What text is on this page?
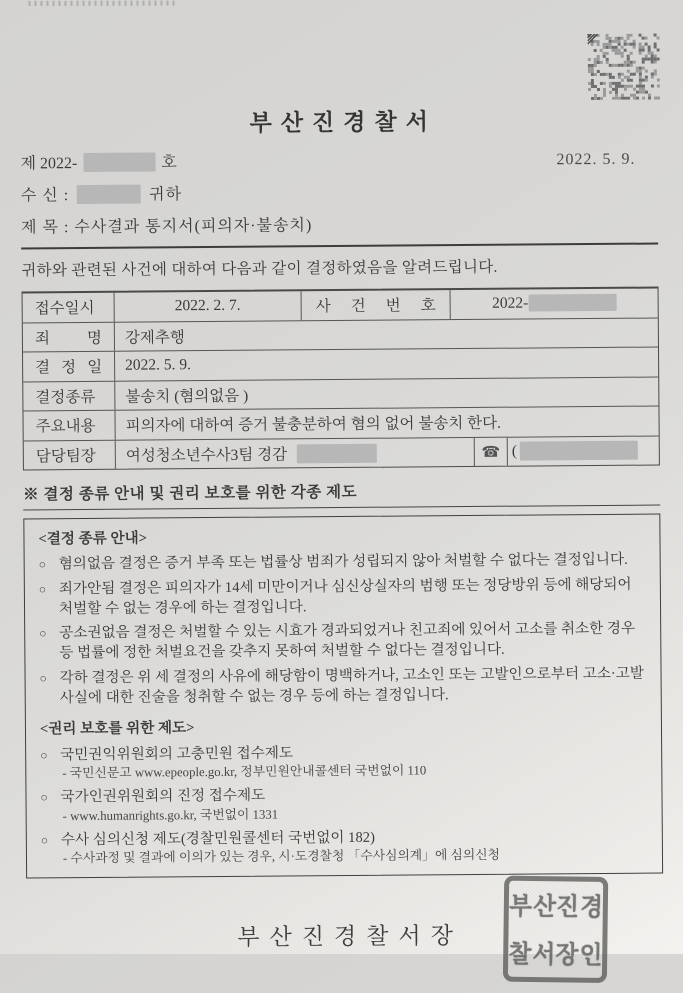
부산진경찰서
제 2022-	호	2022. 5. 9.
수 신 :	귀하
제 목 : 수사결과 통지서(피의자·불송치)

귀하와 관련된 사건에 대하여 다음과 같이 결정하였음을 알려드립니다.

접수일시	2022. 2. 7.	사 건 번 호	2022-
죄 명	강제추행
결 정 일	2022. 5. 9.
결정종류	불송치 (혐의없음 )
주요내용	피의자에 대하여 증거 불충분하여 혐의 없어 불송치 한다.
담당팀장	여성청소년수사3팀 경감	☎ (
※ 결정 종류 안내 및 권리 보호를 위한 각종 제도
<결정 종류 안내>
○ 혐의없음 결정은 증거 부족 또는 법률상 범죄가 성립되지 않아 처벌할 수 없다는 결정입니다.
○ 죄가안됨 결정은 피의자가 14세 미만이거나 심신상실자의 범행 또는 정당방위 등에 해당되어 처벌할 수 없는 경우에 하는 결정입니다.
○ 공소권없음 결정은 처벌할 수 있는 시효가 경과되었거나 친고죄에 있어서 고소를 취소한 경우 등 법률에 정한 처벌요건을 갖추지 못하여 처벌할 수 없다는 결정입니다.
○ 각하 결정은 위 세 결정의 사유에 해당함이 명백하거나, 고소인 또는 고발인으로부터 고소·고발 사실에 대한 진술을 청취할 수 없는 경우 등에 하는 결정입니다.
<권리 보호를 위한 제도>
○ 국민권익위원회의 고충민원 접수제도
- 국민신문고 www.epeople.go.kr, 정부민원안내콜센터 국번없이 110
○ 국가인권위원회의 진정 접수제도
- www.humanrights.go.kr, 국번없이 1331
○ 수사 심의신청 제도(경찰민원콜센터 국번없이 182)
- 수사과정 및 결과에 이의가 있는 경우, 시·도경찰청 「수사심의계」에 심의신청
부산진경찰서장
부 산 진 경
찰 서 장 인
